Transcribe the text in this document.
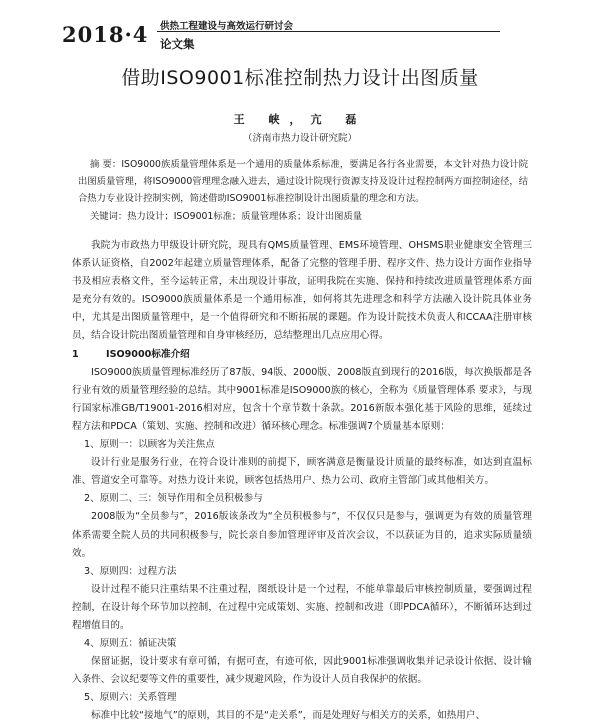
2018·4 供热工程建设与高效运行研讨会
论文集
借助ISO9001标准控制热力设计出图质量
王 峡，亢 磊
（济南市热力设计研究院）
摘 要：ISO9000族质量管理体系是一个通用的质量体系标准，要满足各行各业需要，本文针对热力设计院出图质量管理，将ISO9000管理理念融入进去，通过设计院现行资源支持及设计过程控制两方面控制途径，结合热力专业设计控制实例，简述借助ISO9001标准控制设计出图质量的理念和方法。
关键词：热力设计；ISO9001标准；质量管理体系；设计出图质量

我院为市政热力甲级设计研究院，现具有QMS质量管理、EMS环境管理、OHSMS职业健康安全管理三体系认证资格，自2002年起建立质量管理体系，配备了完整的管理手册、程序文件、热力设计方面作业指导书及相应表格文件，至今运转正常，未出现设计事故，证明我院在实施、保持和持续改进质量管理体系方面是充分有效的。ISO9000族质量体系是一个通用标准，如何将其先进理念和科学方法融入设计院具体业务中，尤其是出图质量管理中，是一个值得研究和不断拓展的课题。作为设计院技术负责人和CCAA注册审核员，结合设计院出图质量管理和自身审核经历，总结整理出几点应用心得。

1	ISO9000标准介绍

ISO9000族质量管理标准经历了87版、94版、2000版、2008版直到现行的2016版，每次换版都是各行业有效的质量管理经验的总结。其中9001标准是ISO9000族的核心，全称为《质量管理体系 要求》，与现行国家标准GB/T19001-2016相对应，包含十个章节数十条款。2016新版本强化基于风险的思维，延续过程方法和PDCA（策划、实施、控制和改进）循环核心理念。标准强调7个质量基本原则：

1、原则一：以顾客为关注焦点

设计行业是服务行业，在符合设计准则的前提下，顾客满意是衡量设计质量的最终标准，如达到直温标准、管道安全可靠等。对热力设计来说，顾客包括热用户、热力公司、政府主管部门或其他相关方。

2、原则二、三：领导作用和全员积极参与

2008版为“全员参与”，2016版该条改为“全员积极参与”，不仅仅只是参与，强调更为有效的质量管理体系需要全院人员的共同积极参与，院长亲自参加管理评审及首次会议，不以获证为目的，追求实际质量绩效。

3、原则四：过程方法

设计过程不能只注重结果不注重过程，图纸设计是一个过程，不能单靠最后审核控制质量，要强调过程控制，在设计每个环节加以控制，在过程中完成策划、实施、控制和改进（即PDCA循环），不断循环达到过程增值目的。

4、原则五：循证决策

保留证据，设计要求有章可循，有据可查，有迹可依，因此9001标准强调收集并记录设计依据、设计输入条件、会议纪要等文件的重要性，减少规避风险，作为设计人员自我保护的依据。

5、原则六：关系管理

标准中比较“接地气”的原则，其目的不是“走关系”，而是处理好与相关方的关系，如热用户、
